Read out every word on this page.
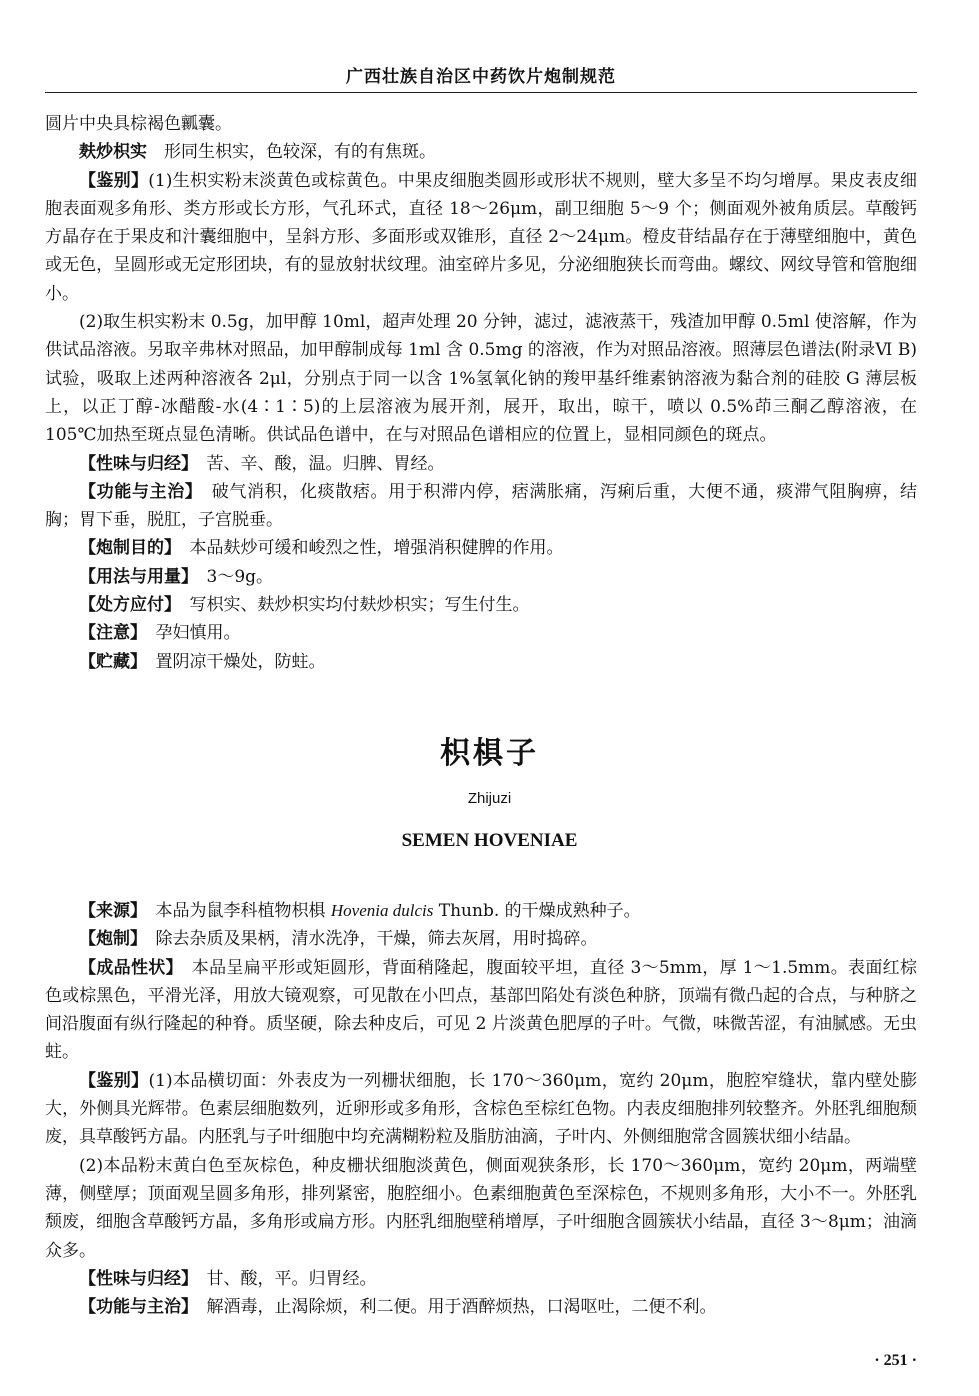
广西壮族自治区中药饮片炮制规范
圆片中央具棕褐色瓤囊。
麸炒枳实　 形同生枳实，色较深，有的有焦斑。
【鉴别】(1)生枳实粉末淡黄色或棕黄色。中果皮细胞类圆形或形状不规则，壁大多呈不均匀增厚。果皮表皮细胞表面观多角形、类方形或长方形，气孔环式，直径 18～26μm，副卫细胞 5～9 个；侧面观外被角质层。草酸钙方晶存在于果皮和汁囊细胞中，呈斜方形、多面形或双锥形，直径 2～24μm。橙皮苷结晶存在于薄壁细胞中，黄色或无色，呈圆形或无定形团块，有的显放射状纹理。油室碎片多见，分泌细胞狭长而弯曲。螺纹、网纹导管和管胞细小。
(2)取生枳实粉末 0.5g，加甲醇 10ml，超声处理 20 分钟，滤过，滤液蒸干，残渣加甲醇 0.5ml 使溶解，作为供试品溶液。另取辛弗林对照品，加甲醇制成每 1ml 含 0.5mg 的溶液，作为对照品溶液。照薄层色谱法(附录Ⅵ B)试验，吸取上述两种溶液各 2μl，分别点于同一以含 1%氢氧化钠的羧甲基纤维素钠溶液为黏合剂的硅胶 G 薄层板上，以正丁醇-冰醋酸-水(4∶1∶5)的上层溶液为展开剂，展开，取出，晾干，喷以 0.5%茚三酮乙醇溶液，在 105℃加热至斑点显色清晰。供试品色谱中，在与对照品色谱相应的位置上，显相同颜色的斑点。
【性味与归经】　 苦、辛、酸，温。归脾、胃经。
【功能与主治】　 破气消积，化痰散痞。用于积滞内停，痞满胀痛，泻痢后重，大便不通，痰滞气阻胸痹，结胸；胃下垂，脱肛，子宫脱垂。
【炮制目的】　 本品麸炒可缓和峻烈之性，增强消积健脾的作用。
【用法与用量】　 3～9g。
【处方应付】　 写枳实、麸炒枳实均付麸炒枳实；写生付生。
【注意】　 孕妇慎用。
【贮藏】　 置阴凉干燥处，防蛀。
枳椇子
Zhijuzi
SEMEN HOVENIAE
【来源】　 本品为鼠李科植物枳椇 Hovenia dulcis Thunb. 的干燥成熟种子。
【炮制】　 除去杂质及果柄，清水洗净，干燥，筛去灰屑，用时捣碎。
【成品性状】　 本品呈扁平形或矩圆形，背面稍隆起，腹面较平坦，直径 3～5mm，厚 1～1.5mm。表面红棕色或棕黑色，平滑光泽，用放大镜观察，可见散在小凹点，基部凹陷处有淡色种脐，顶端有微凸起的合点，与种脐之间沿腹面有纵行隆起的种脊。质坚硬，除去种皮后，可见 2 片淡黄色肥厚的子叶。气微，味微苦涩，有油腻感。无虫蛀。
【鉴别】(1)本品横切面：外表皮为一列栅状细胞，长 170～360μm，宽约 20μm，胞腔窄缝状，靠内壁处膨大，外侧具光辉带。色素层细胞数列，近卵形或多角形，含棕色至棕红色物。内表皮细胞排列较整齐。外胚乳细胞颓废，具草酸钙方晶。内胚乳与子叶细胞中均充满糊粉粒及脂肪油滴，子叶内、外侧细胞常含圆簇状细小结晶。
(2)本品粉末黄白色至灰棕色，种皮栅状细胞淡黄色，侧面观狭条形，长 170～360μm，宽约 20μm，两端壁薄，侧壁厚；顶面观呈圆多角形，排列紧密，胞腔细小。色素细胞黄色至深棕色，不规则多角形，大小不一。外胚乳颓废，细胞含草酸钙方晶，多角形或扁方形。内胚乳细胞壁稍增厚，子叶细胞含圆簇状小结晶，直径 3～8μm；油滴众多。
【性味与归经】　 甘、酸，平。归胃经。
【功能与主治】　 解酒毒，止渴除烦，利二便。用于酒醉烦热，口渴呕吐，二便不利。
· 251 ·
